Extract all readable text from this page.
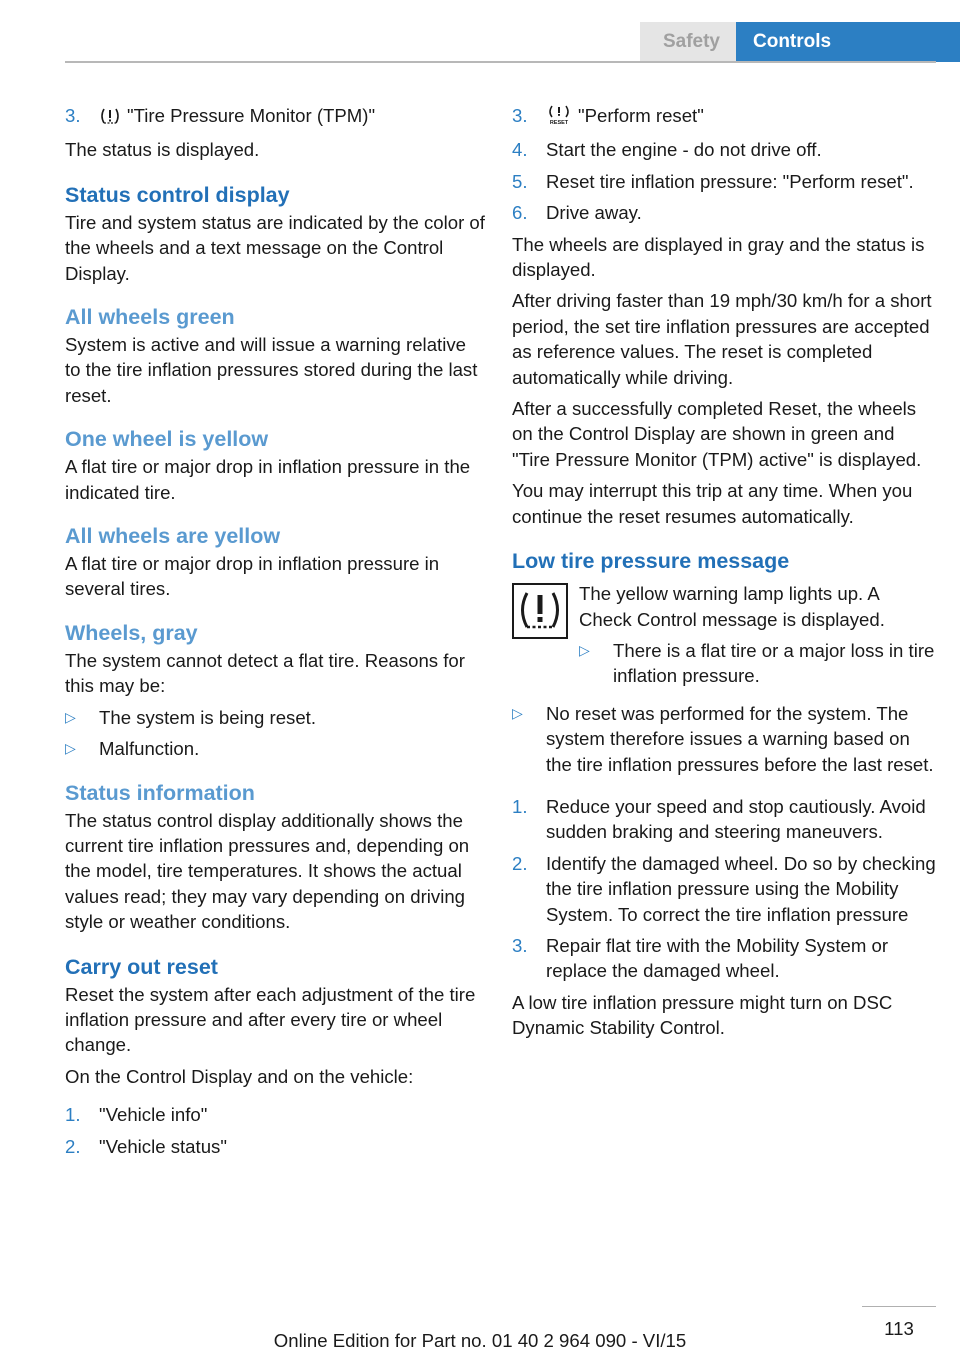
Safety	Controls
3.	"Tire Pressure Monitor (TPM)"

The status is displayed.

Status control display

Tire and system status are indicated by the color of the wheels and a text message on the Control Display.

All wheels green

System is active and will issue a warning relative to the tire inflation pressures stored during the last reset.

One wheel is yellow

A flat tire or major drop in inflation pressure in the indicated tire.

All wheels are yellow

A flat tire or major drop in inflation pressure in several tires.

Wheels, gray

The system cannot detect a flat tire. Reasons for this may be:

▷	The system is being reset.
▷	Malfunction.
Status information

The status control display additionally shows the current tire inflation pressures and, depending on the model, tire temperatures. It shows the actual values read; they may vary depending on driving style or weather conditions.

Carry out reset

Reset the system after each adjustment of the tire inflation pressure and after every tire or wheel change.

On the Control Display and on the vehicle:

1. "Vehicle info"
2. "Vehicle status"
3.	RESET "Perform reset"
4. Start the engine - do not drive off.
5. Reset tire inflation pressure: "Perform reset".
6. Drive away.

The wheels are displayed in gray and the status is displayed.

After driving faster than 19 mph/30 km/h for a short period, the set tire inflation pressures are accepted as reference values. The reset is completed automatically while driving.

After a successfully completed Reset, the wheels on the Control Display are shown in green and "Tire Pressure Monitor (TPM) active" is displayed.

You may interrupt this trip at any time. When you continue the reset resumes automatically.

Low tire pressure message

The yellow warning lamp lights up. A Check Control message is displayed.

▷	There is a flat tire or a major loss in tire inflation pressure.
▷	No reset was performed for the system. The system therefore issues a warning based on the tire inflation pressures before the last reset.
1. Reduce your speed and stop cautiously. Avoid sudden braking and steering maneuvers.
2. Identify the damaged wheel. Do so by checking the tire inflation pressure using the Mobility System. To correct the tire inflation pressure
3. Repair flat tire with the Mobility System or replace the damaged wheel.

A low tire inflation pressure might turn on DSC Dynamic Stability Control.

113
Online Edition for Part no. 01 40 2 964 090 - VI/15
